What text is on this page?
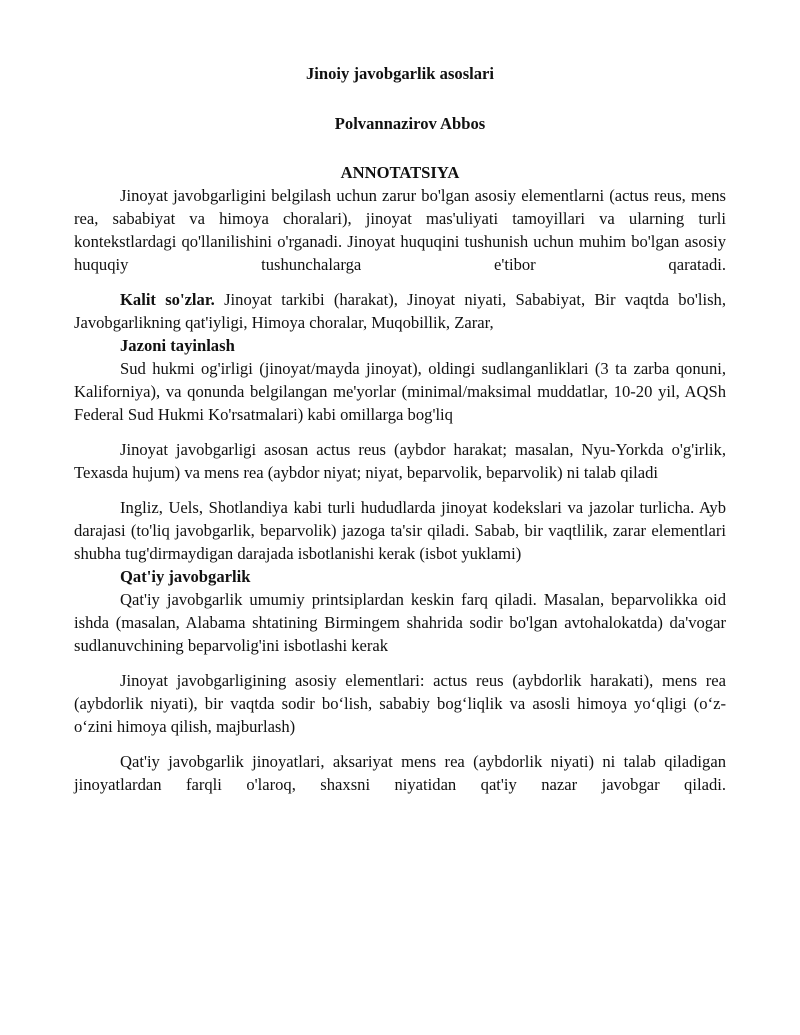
Jinoiy javobgarlik asoslari
Polvannazirov Abbos
ANNOTATSIYA

Jinoyat javobgarligini belgilash uchun zarur bo'lgan asosiy elementlarni (actus reus, mens rea, sababiyat va himoya choralari), jinoyat mas'uliyati tamoyillari va ularning turli kontekstlardagi qo'llanilishini o'rganadi. Jinoyat huquqini tushunish uchun muhim bo'lgan asosiy huquqiy tushunchalarga e'tibor qaratadi.

Kalit so'zlar. Jinoyat tarkibi (harakat), Jinoyat niyati, Sababiyat, Bir vaqtda bo'lish, Javobgarlikning qat'iyligi, Himoya choralar, Muqobillik, Zarar,

Jazoni tayinlash

Sud hukmi og'irligi (jinoyat/mayda jinoyat), oldingi sudlanganliklari (3 ta zarba qonuni, Kaliforniya), va qonunda belgilangan me'yorlar (minimal/maksimal muddatlar, 10-20 yil, AQSh Federal Sud Hukmi Ko'rsatmalari) kabi omillarga bog'liq

Jinoyat javobgarligi asosan actus reus (aybdor harakat; masalan, Nyu-Yorkda o'g'irlik, Texasda hujum) va mens rea (aybdor niyat; niyat, beparvolik, beparvolik) ni talab qiladi

Ingliz, Uels, Shotlandiya kabi turli hududlarda jinoyat kodekslari va jazolar turlicha. Ayb darajasi (to'liq javobgarlik, beparvolik) jazoga ta'sir qiladi. Sabab, bir vaqtlilik, zarar elementlari shubha tug'dirmaydigan darajada isbotlanishi kerak (isbot yuklami)

Qat'iy javobgarlik

Qat'iy javobgarlik umumiy printsiplardan keskin farq qiladi. Masalan, beparvolikka oid ishda (masalan, Alabama shtatining Birmingem shahrida sodir bo'lgan avtohalokatda) da'vogar sudlanuvchining beparvolig'ini isbotlashi kerak

Jinoyat javobgarligining asosiy elementlari: actus reus (aybdorlik harakati), mens rea (aybdorlik niyati), bir vaqtda sodir bo‘lish, sababiy bog‘liqlik va asosli himoya yo‘qligi (o‘z-o‘zini himoya qilish, majburlash)

Qat'iy javobgarlik jinoyatlari, aksariyat mens rea (aybdorlik niyati) ni talab qiladigan jinoyatlardan farqli o'laroq, shaxsni niyatidan qat'iy nazar javobgar qiladi.
